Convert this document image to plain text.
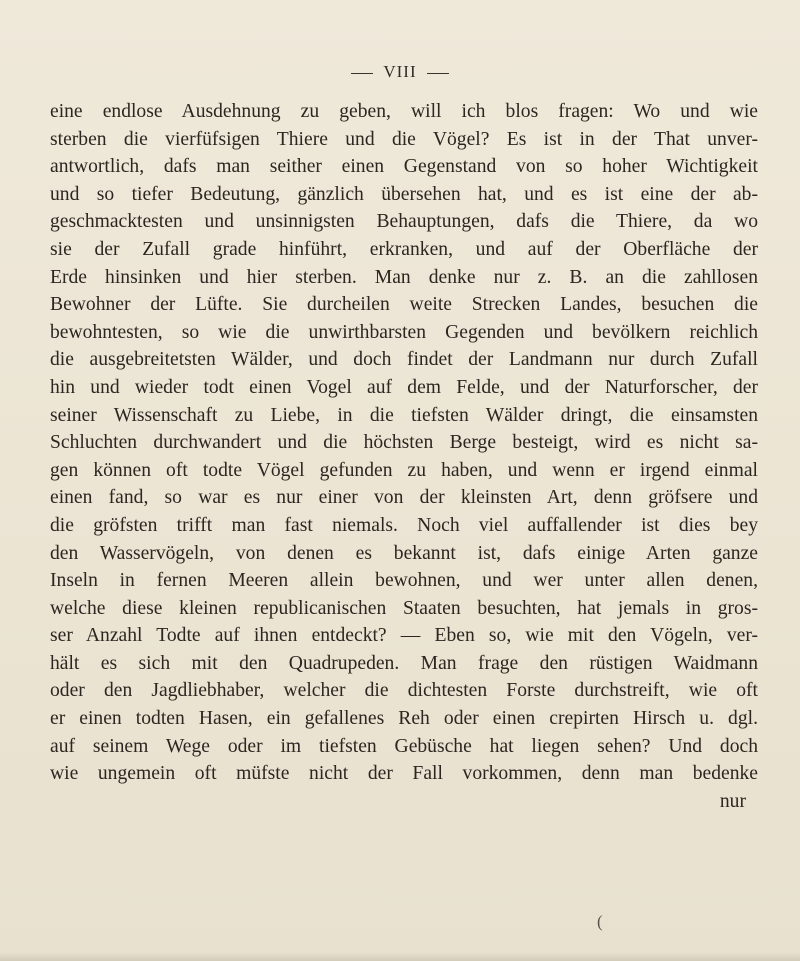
VIII
eine endlose Ausdehnung zu geben, will ich blos fragen: Wo und wie
sterben die vierfüfsigen Thiere und die Vögel? Es ist in der That unver-
antwortlich, dafs man seither einen Gegenstand von so hoher Wichtigkeit
und so tiefer Bedeutung, gänzlich übersehen hat, und es ist eine der ab-
geschmacktesten und unsinnigsten Behauptungen, dafs die Thiere, da wo
sie der Zufall grade hinführt, erkranken, und auf der Oberfläche der
Erde hinsinken und hier sterben. Man denke nur z. B. an die zahllosen
Bewohner der Lüfte. Sie durcheilen weite Strecken Landes, besuchen die
bewohntesten, so wie die unwirthbarsten Gegenden und bevölkern reichlich
die ausgebreitetsten Wälder, und doch findet der Landmann nur durch Zufall
hin und wieder todt einen Vogel auf dem Felde, und der Naturforscher, der
seiner Wissenschaft zu Liebe, in die tiefsten Wälder dringt, die einsamsten
Schluchten durchwandert und die höchsten Berge besteigt, wird es nicht sa-
gen können oft todte Vögel gefunden zu haben, und wenn er irgend einmal
einen fand, so war es nur einer von der kleinsten Art, denn gröfsere und
die gröfsten trifft man fast niemals. Noch viel auffallender ist dies bey
den Wasservögeln, von denen es bekannt ist, dafs einige Arten ganze
Inseln in fernen Meeren allein bewohnen, und wer unter allen denen,
welche diese kleinen republicanischen Staaten besuchten, hat jemals in gros-
ser Anzahl Todte auf ihnen entdeckt? — Eben so, wie mit den Vögeln, ver-
hält es sich mit den Quadrupeden. Man frage den rüstigen Waidmann
oder den Jagdliebhaber, welcher die dichtesten Forste durchstreift, wie oft
er einen todten Hasen, ein gefallenes Reh oder einen crepirten Hirsch u. dgl.
auf seinem Wege oder im tiefsten Gebüsche hat liegen sehen? Und doch
wie ungemein oft müfste nicht der Fall vorkommen, denn man bedenke
nur
(
